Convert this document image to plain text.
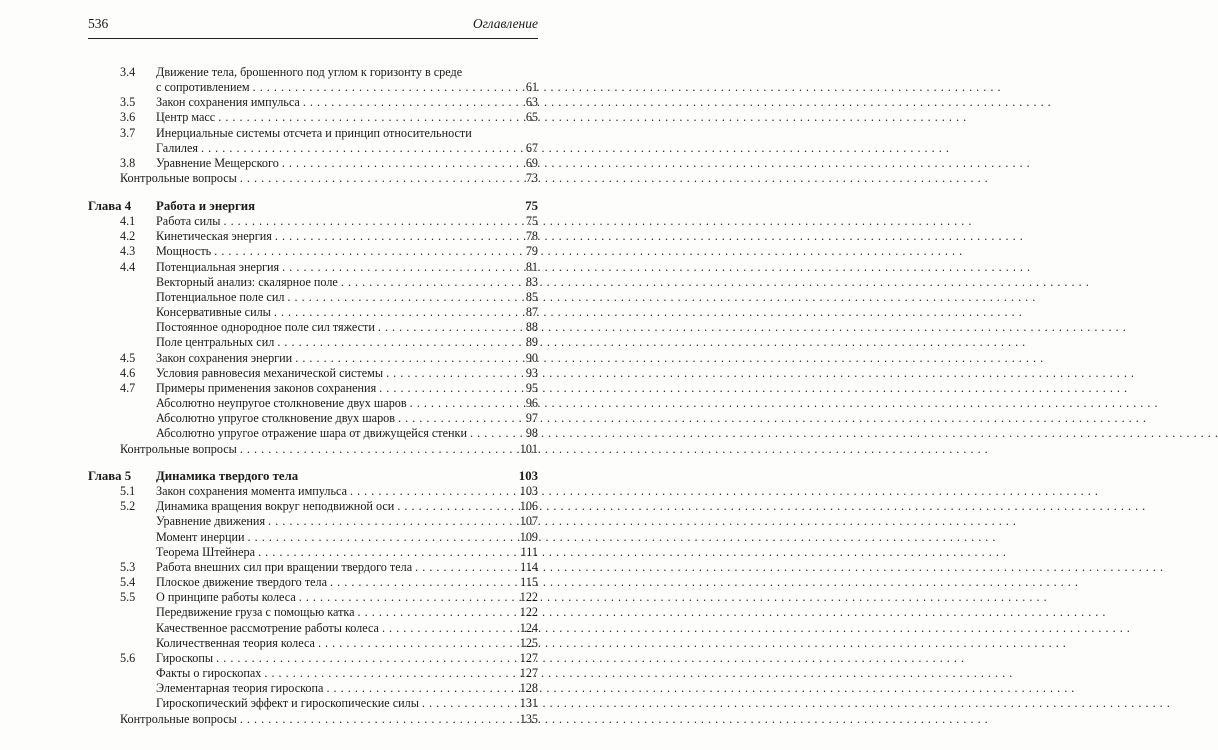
536	Оглавление
3.4 Движение тела, брошенного под углом к горизонту в среде
с сопротивлением . . .	61
3.5 Закон сохранения импульса . . .	63
3.6 Центр масс . . .	65
3.7 Инерциальные системы отсчета и принцип относительности
Галилея . . .	67
3.8 Уравнение Мещерского . . .	69
Контрольные вопросы . . .	73
Глава 4 Работа и энергия	75
4.1 Работа силы . . .	75
4.2 Кинетическая энергия . . .	78
4.3 Мощность . . .	79
4.4 Потенциальная энергия . . .	81
Векторный анализ: скалярное поле . . .	83
Потенциальное поле сил . . .	85
Консервативные силы . . .	87
Постоянное однородное поле сил тяжести . . .	88
Поле центральных сил . . .	89
4.5 Закон сохранения энергии . . .	90
4.6 Условия равновесия механической системы . . .	93
4.7 Примеры применения законов сохранения . . .	95
Абсолютно неупругое столкновение двух шаров . . .	96
Абсолютно упругое столкновение двух шаров . . .	97
Абсолютно упругое отражение шара от движущейся стенки . . .	98
Контрольные вопросы . . .	101
Глава 5 Динамика твердого тела	103
5.1 Закон сохранения момента импульса . . .	103
5.2 Динамика вращения вокруг неподвижной оси . . .	106
Уравнение движения . . .	107
Момент инерции . . .	109
Теорема Штейнера . . .	111
5.3 Работа внешних сил при вращении твердого тела . . .	114
5.4 Плоское движение твердого тела . . .	115
5.5 О принципе работы колеса . . .	122
Передвижение груза с помощью катка . . .	122
Качественное рассмотрение работы колеса . . .	124
Количественная теория колеса . . .	125
5.6 Гироскопы . . .	127
Факты о гироскопах . . .	127
Элементарная теория гироскопа . . .	128
Гироскопический эффект и гироскопические силы . . .	131
Контрольные вопросы . . .	135
